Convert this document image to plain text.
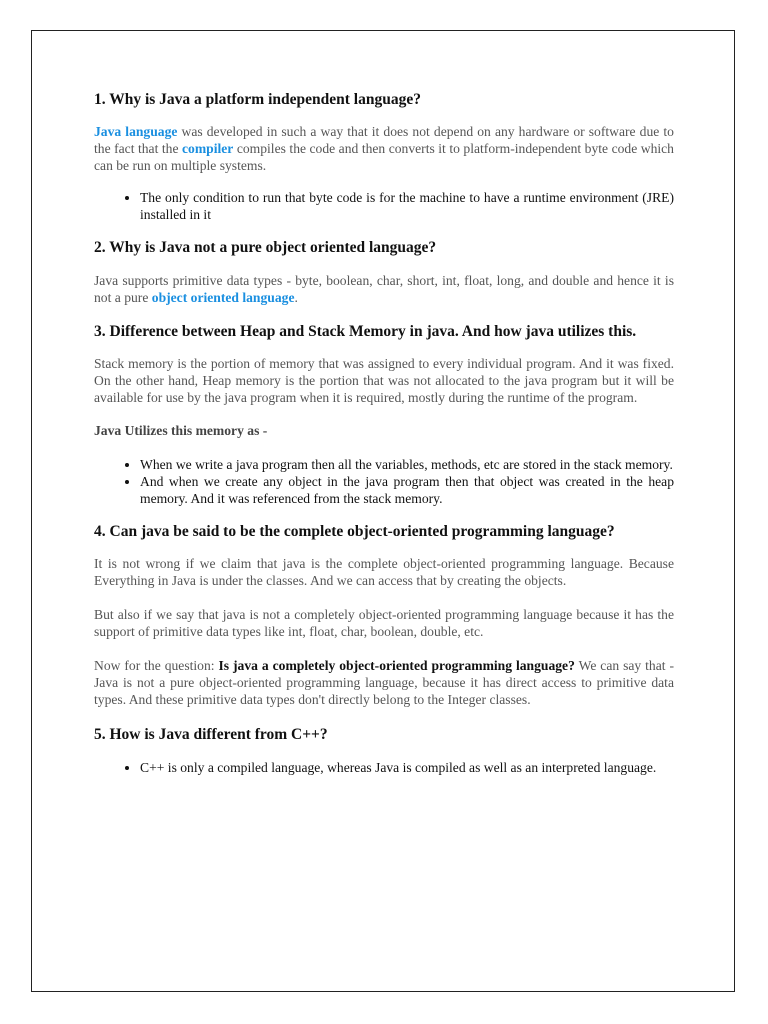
1. Why is Java a platform independent language?

Java language was developed in such a way that it does not depend on any hardware or software due to the fact that the compiler compiles the code and then converts it to platform-independent byte code which can be run on multiple systems.

• The only condition to run that byte code is for the machine to have a runtime environment (JRE) installed in it
2. Why is Java not a pure object oriented language?

Java supports primitive data types - byte, boolean, char, short, int, float, long, and double and hence it is not a pure object oriented language.

3. Difference between Heap and Stack Memory in java. And how java utilizes this.

Stack memory is the portion of memory that was assigned to every individual program. And it was fixed. On the other hand, Heap memory is the portion that was not allocated to the java program but it will be available for use by the java program when it is required, mostly during the runtime of the program.

Java Utilizes this memory as -

• When we write a java program then all the variables, methods, etc are stored in the stack memory.
• And when we create any object in the java program then that object was created in the heap memory. And it was referenced from the stack memory.
4. Can java be said to be the complete object-oriented programming language?

It is not wrong if we claim that java is the complete object-oriented programming language. Because Everything in Java is under the classes. And we can access that by creating the objects.

But also if we say that java is not a completely object-oriented programming language because it has the support of primitive data types like int, float, char, boolean, double, etc.

Now for the question: Is java a completely object-oriented programming language? We can say that - Java is not a pure object-oriented programming language, because it has direct access to primitive data types. And these primitive data types don't directly belong to the Integer classes.

5. How is Java different from C++?
• C++ is only a compiled language, whereas Java is compiled as well as an interpreted language.
